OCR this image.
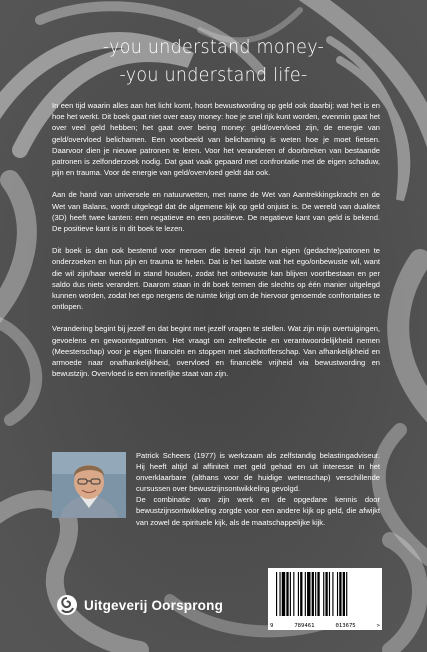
-you understand money-
-you understand life-

In een tijd waarin alles aan het licht komt, hoort bewustwording op geld ook daarbij: wat het is en hoe het werkt. Dit boek gaat niet over easy money: hoe je snel rijk kunt worden, evenmin gaat het over veel geld hebben; het gaat over being money: geld/overvloed zijn, de energie van geld/overvloed belichamen. Een voorbeeld van belichaming is weten hoe je moet fietsen. Daarvoor dien je nieuwe patronen te leren. Voor het veranderen of doorbreken van bestaande patronen is zelfonderzoek nodig. Dat gaat vaak gepaard met confrontatie met de eigen schaduw, pijn en trauma. Voor de energie van geld/overvloed geldt dat ook.

Aan de hand van universele en natuurwetten, met name de Wet van Aantrekkingskracht en de Wet van Balans, wordt uitgelegd dat de algemene kijk op geld onjuist is. De wereld van dualiteit (3D) heeft twee kanten: een negatieve en een positieve. De negatieve kant van geld is bekend. De positieve kant is in dit boek te lezen.

Dit boek is dan ook bestemd voor mensen die bereid zijn hun eigen (gedachte)patronen te onderzoeken en hun pijn en trauma te helen. Dat is het laatste wat het ego/onbewuste wil, want die wil zijn/haar wereld in stand houden, zodat het onbewuste kan blijven voortbestaan en per saldo dus niets verandert. Daarom staan in dit boek termen die slechts op één manier uitgelegd kunnen worden, zodat het ego nergens de ruimte krijgt om de hiervoor genoemde confrontaties te ontlopen.

Verandering begint bij jezelf en dat begint met jezelf vragen te stellen. Wat zijn mijn overtuigingen, gevoelens en gewoontepatronen. Het vraagt om zelfreflectie en verantwoordelijkheid nemen (Meesterschap) voor je eigen financiën en stoppen met slachtofferschap. Van afhankelijkheid en armoede naar onafhankelijkheid, overvloed en financiële vrijheid via bewustwording en bewustzijn. Overvloed is een innerlijke staat van zijn.

Patrick Scheers (1977) is werkzaam als zelfstandig belastingadviseur. Hij heeft altijd al affiniteit met geld gehad en uit interesse in het onverklaarbare (althans voor de huidige wetenschap) verschillende cursussen over bewustzijnsontwikkeling gevolgd.

De combinatie van zijn werk en de opgedane kennis door bewustzijnsontwikkeling zorgde voor een andere kijk op geld, die afwijkt van zowel de spirituele kijk, als de maatschappelijke kijk.

Uitgeverij Oorsprong
9	789461	013675	>
